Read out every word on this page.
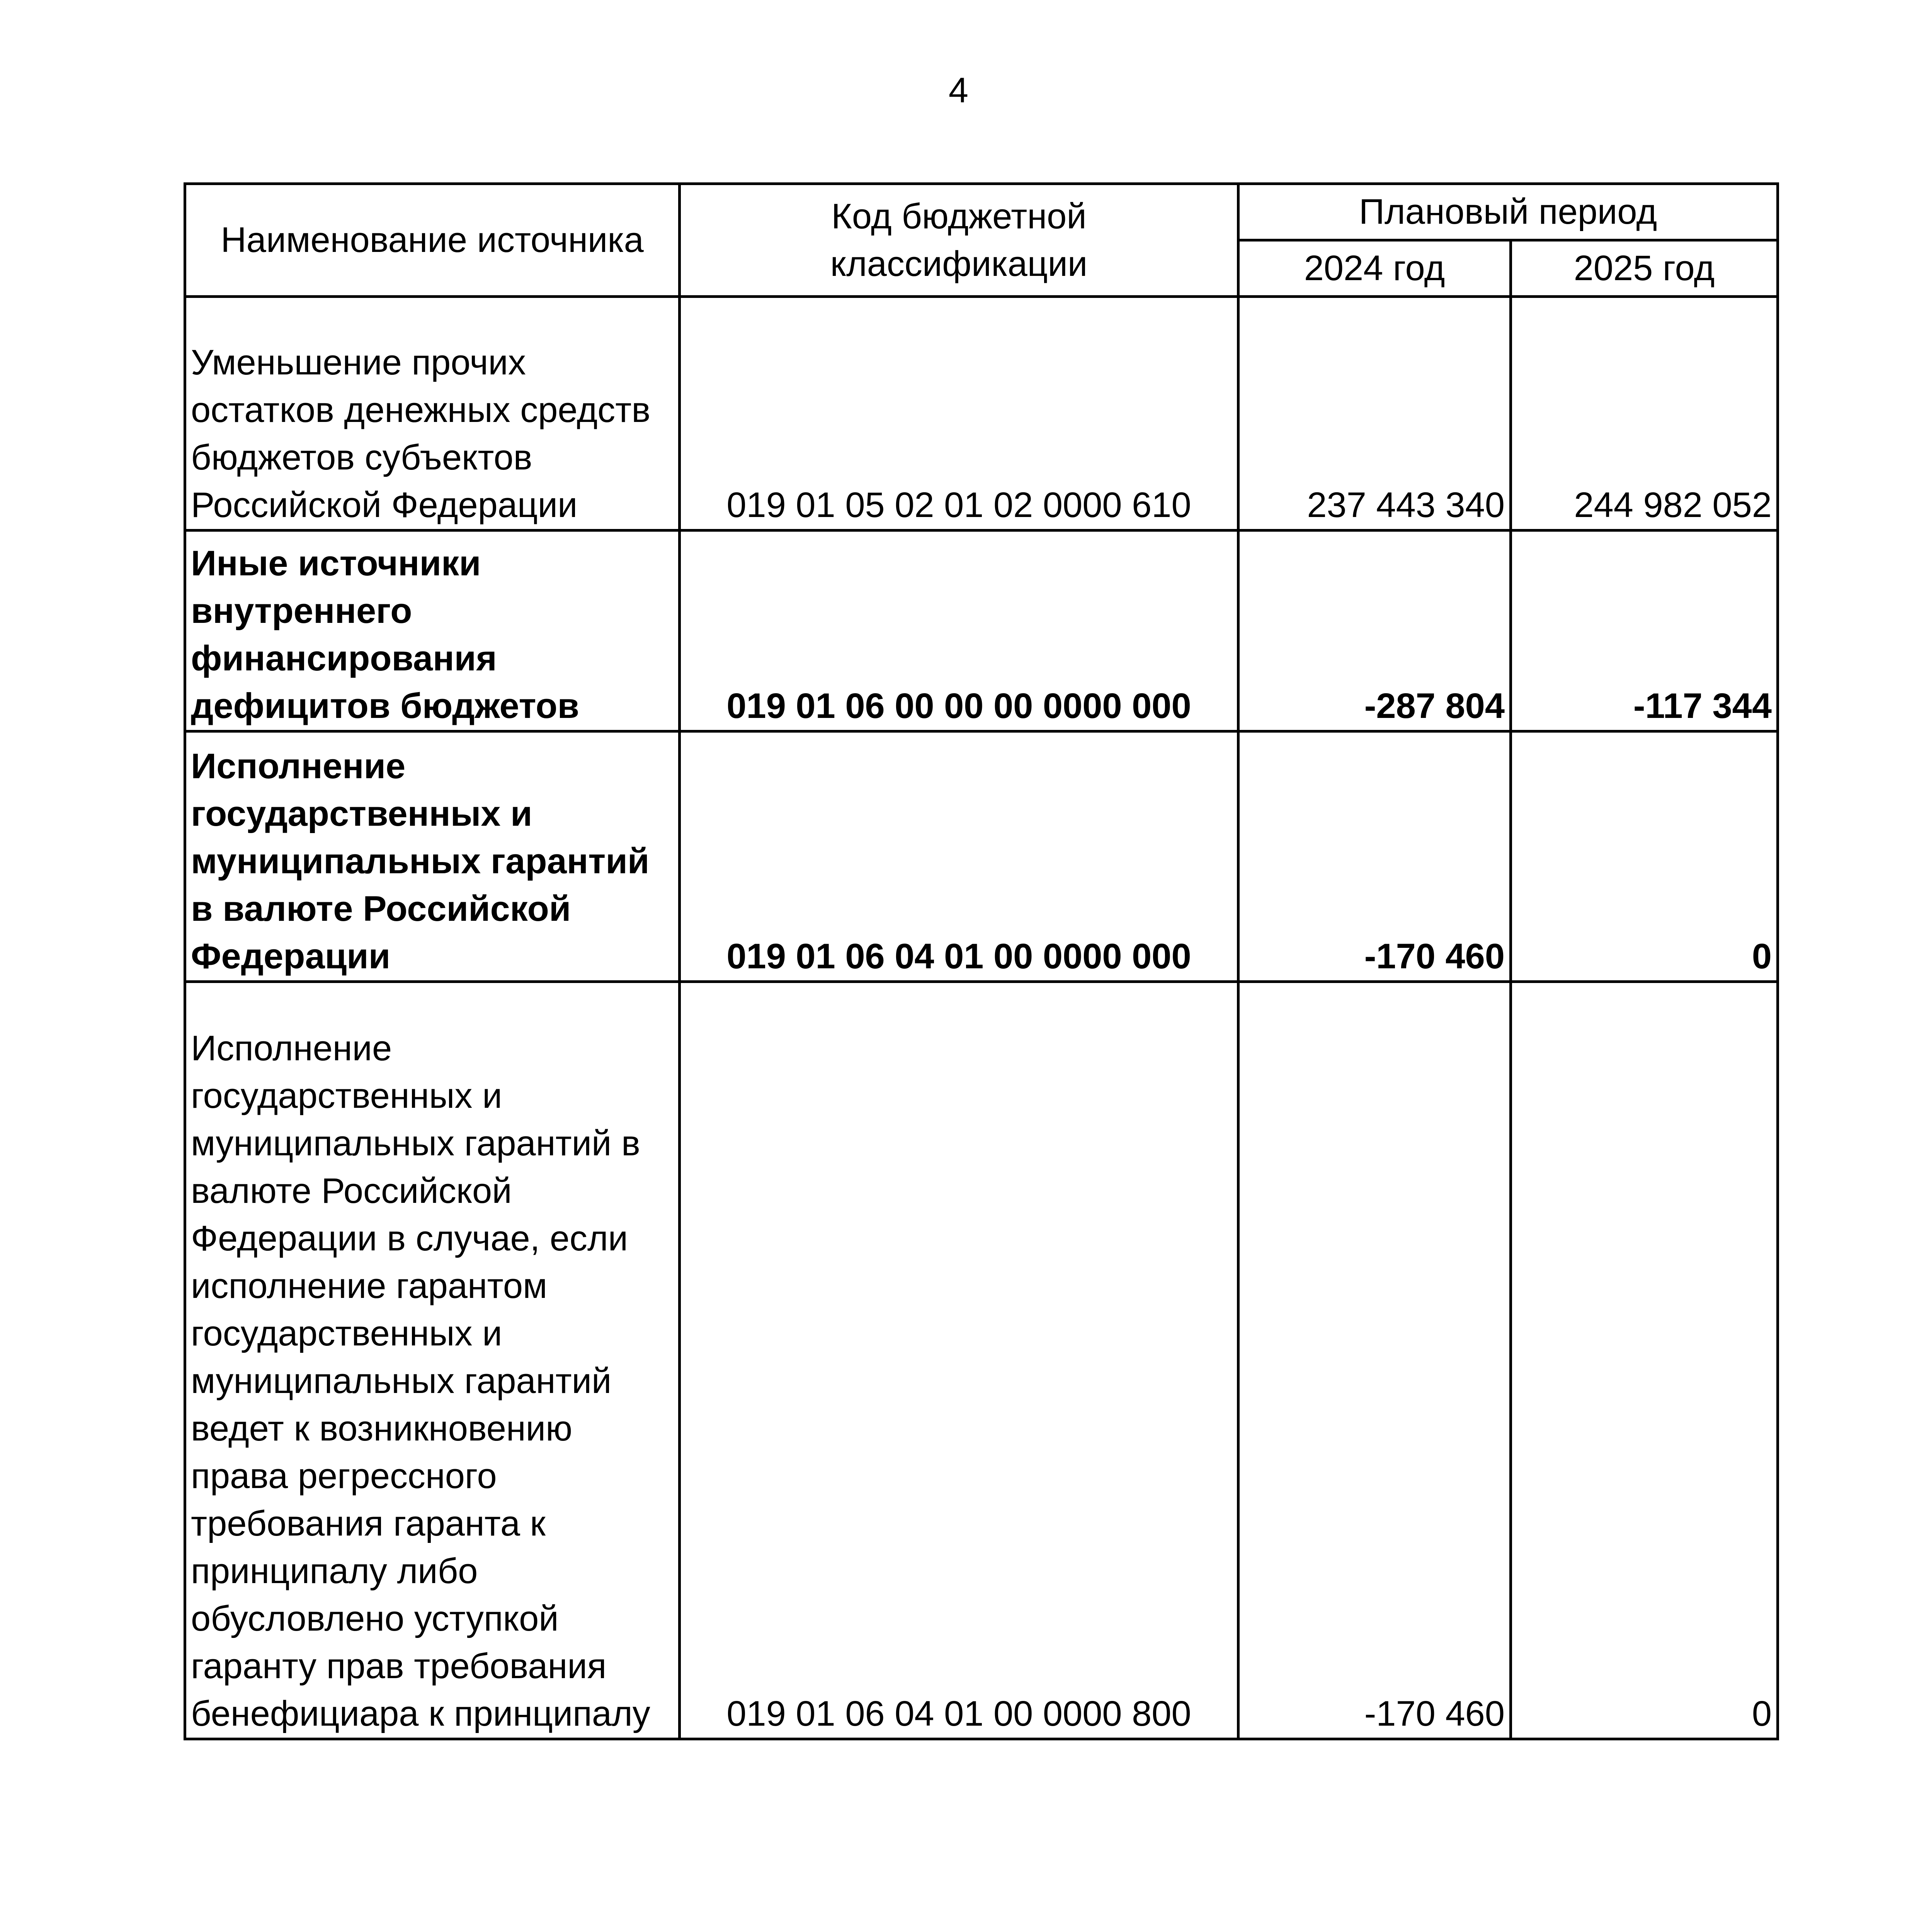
4
Наименование источника	Код бюджетной классификации	Плановый период	
		2024 год	2025 год
Уменьшение прочих остатков денежных средств бюджетов субъектов Российской Федерации	019 01 05 02 01 02 0000 610	237 443 340	244 982 052
Иные источники внутреннего финансирования дефицитов бюджетов	019 01 06 00 00 00 0000 000	-287 804	-117 344
Исполнение государственных и муниципальных гарантий в валюте Российской Федерации	019 01 06 04 01 00 0000 000	-170 460	0
Исполнение государственных и муниципальных гарантий в валюте Российской Федерации в случае, если исполнение гарантом государственных и муниципальных гарантий ведет к возникновению права регрессного требования гаранта к принципалу либо обусловлено уступкой гаранту прав требования бенефициара к принципалу	019 01 06 04 01 00 0000 800	-170 460	0
